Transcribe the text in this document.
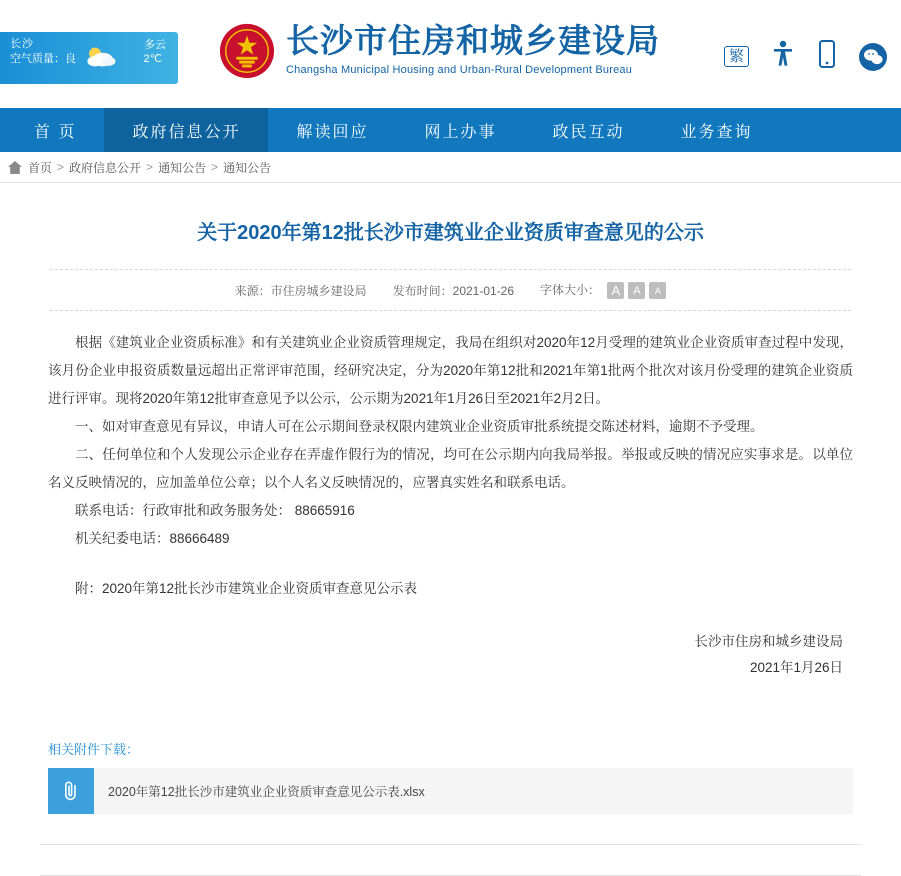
长沙
空气质量：良
多云
2℃	长沙市住房和城乡建设局
Changsha Municipal Housing and Urban-Rural Development Bureau
繁
首 页	政府信息公开	解读回应	网上办事	政民互动	业务查询
首页 > 政府信息公开 > 通知公告 > 通知公告
关于2020年第12批长沙市建筑业企业资质审查意见的公示
来源：市住房城乡建设局 发布时间：2021-01-26 字体大小： A	A	A

根据《建筑业企业资质标准》和有关建筑业企业资质管理规定，我局在组织对2020年12月受理的建筑业企业资质审查过程中发现，该月份企业申报资质数量远超出正常评审范围，经研究决定，分为2020年第12批和2021年第1批两个批次对该月份受理的建筑企业资质进行评审。现将2020年第12批审查意见予以公示，公示期为2021年1月26日至2021年2月2日。

一、如对审查意见有异议，申请人可在公示期间登录权限内建筑业企业资质审批系统提交陈述材料，逾期不予受理。

二、任何单位和个人发现公示企业存在弄虚作假行为的情况，均可在公示期内向我局举报。举报或反映的情况应实事求是。以单位名义反映情况的，应加盖单位公章；以个人名义反映情况的，应署真实姓名和联系电话。

联系电话：行政审批和政务服务处： 88665916

机关纪委电话：88666489

附：2020年第12批长沙市建筑业企业资质审查意见公示表

长沙市住房和城乡建设局
2021年1月26日
相关附件下载：
2020年第12批长沙市建筑业企业资质审查意见公示表.xlsx
